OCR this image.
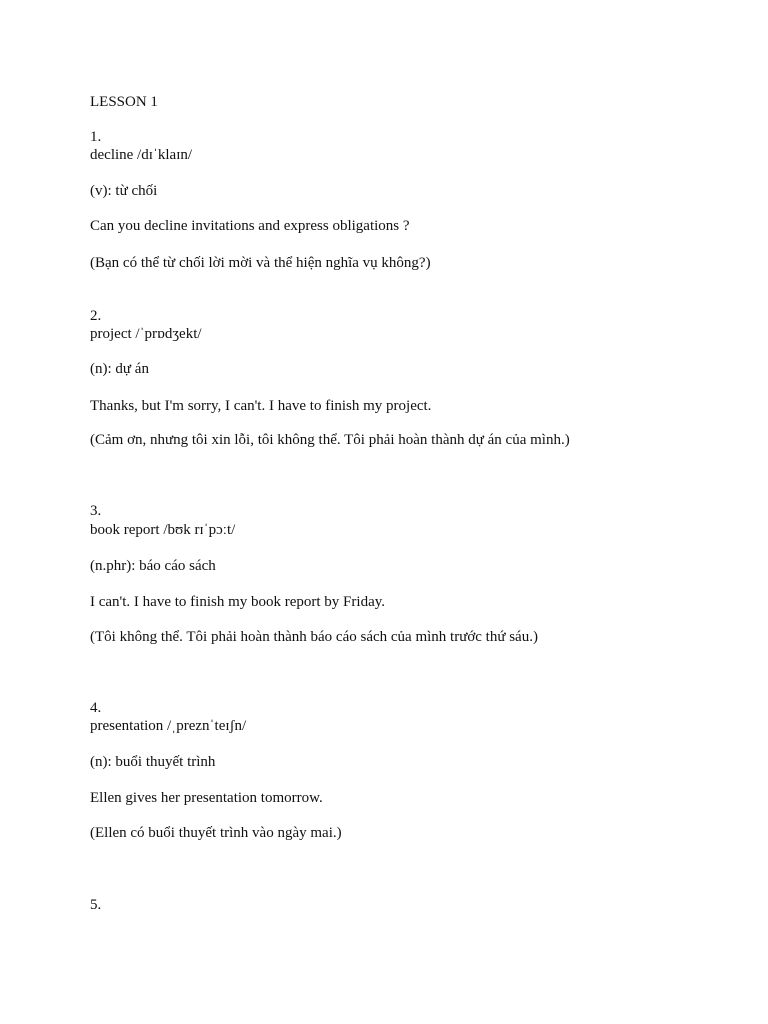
LESSON 1
1.
decline /dɪˈklaɪn/
(v): từ chối
Can you decline invitations and express obligations ?
(Bạn có thể từ chối lời mời và thể hiện nghĩa vụ không?)
2.
project /ˈprɒdʒekt/
(n): dự án
Thanks, but I'm sorry, I can't. I have to finish my project.
(Cảm ơn, nhưng tôi xin lỗi, tôi không thể. Tôi phải hoàn thành dự án của mình.)
3.
book report /bʊk rɪˈpɔːt/
(n.phr): báo cáo sách
I can't. I have to finish my book report by Friday.
(Tôi không thể. Tôi phải hoàn thành báo cáo sách của mình trước thứ sáu.)
4.
presentation /ˌpreznˈteɪʃn/
(n): buổi thuyết trình
Ellen gives her presentation tomorrow.
(Ellen có buổi thuyết trình vào ngày mai.)
5.
